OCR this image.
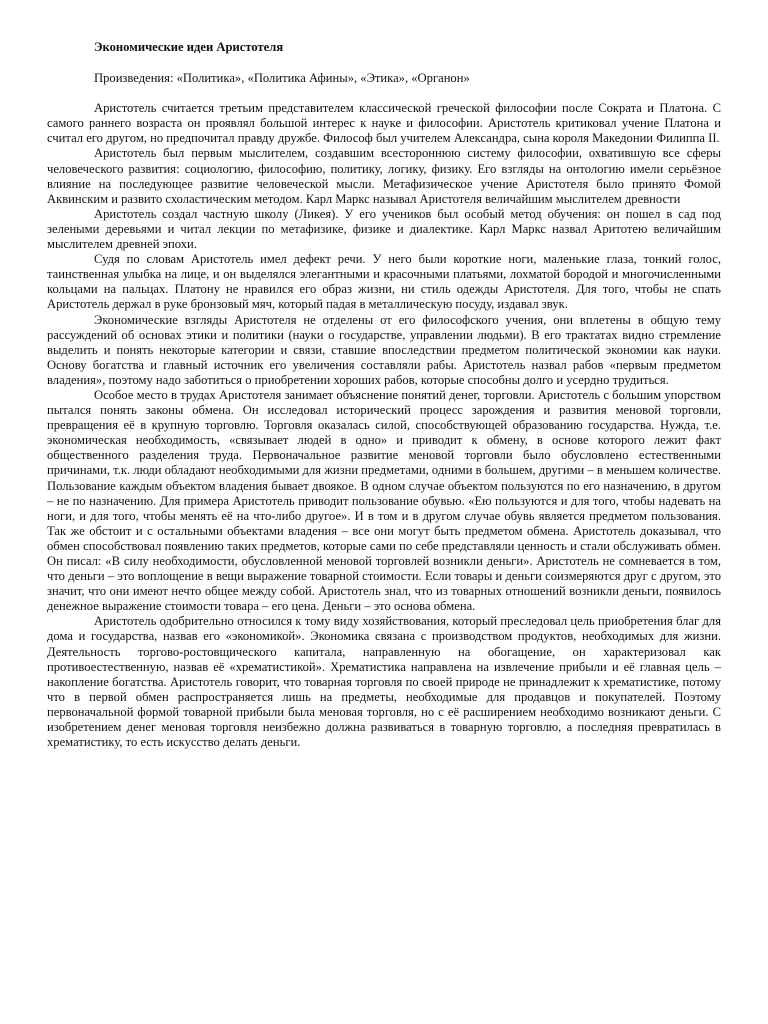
Экономические идеи Аристотеля
Произведения: «Политика», «Политика Афины», «Этика», «Органон»

Аристотель считается третьим представителем классической греческой философии после Сократа и Платона. С самого раннего возраста он проявлял большой интерес к науке и философии. Аристотель критиковал учение Платона и считал его другом, но предпочитал правду дружбе. Философ был учителем Александра, сына короля Македонии Филиппа II.

Аристотель был первым мыслителем, создавшим всестороннюю систему философии, охватившую все сферы человеческого развития: социологию, философию, политику, логику, физику. Его взгляды на онтологию имели серьёзное влияние на последующее развитие человеческой мысли. Метафизическое учение Аристотеля было принято Фомой Аквинским и развито схоластическим методом. Карл Маркс называл Аристотеля величайшим мыслителем древности

Аристотель создал частную школу (Ликея). У его учеников был особый метод обучения: он пошел в сад под зелеными деревьями и читал лекции по метафизике, физике и диалектике. Карл Маркс назвал Аритотею величайшим мыслителем древней эпохи.

Судя по словам Аристотель имел дефект речи. У него были короткие ноги, маленькие глаза, тонкий голос, таинственная улыбка на лице, и он выделялся элегантными и красочными платьями, лохматой бородой и многочисленными кольцами на пальцах. Платону не нравился его образ жизни, ни стиль одежды Аристотеля. Для того, чтобы не спать Аристотель держал в руке бронзовый мяч, который падая в металлическую посуду, издавал звук.

Экономические взгляды Аристотеля не отделены от его философского учения, они вплетены в общую тему рассуждений об основах этики и политики (науки о государстве, управлении людьми). В его трактатах видно стремление выделить и понять некоторые категории и связи, ставшие впоследствии предметом политической экономии как науки. Основу богатства и главный источник его увеличения составляли рабы. Аристотель назвал рабов «первым предметом владения», поэтому надо заботиться о приобретении хороших рабов, которые способны долго и усердно трудиться.

Особое место в трудах Аристотеля занимает объяснение понятий денег, торговли. Аристотель с большим упорством пытался понять законы обмена. Он исследовал исторический процесс зарождения и развития меновой торговли, превращения её в крупную торговлю. Торговля оказалась силой, способствующей образованию государства. Нужда, т.е. экономическая необходимость, «связывает людей в одно» и приводит к обмену, в основе которого лежит факт общественного разделения труда. Первоначальное развитие меновой торговли было обусловлено естественными причинами, т.к. люди обладают необходимыми для жизни предметами, одними в большем, другими – в меньшем количестве. Пользование каждым объектом владения бывает двоякое. В одном случае объектом пользуются по его назначению, в другом – не по назначению. Для примера Аристотель приводит пользование обувью. «Ею пользуются и для того, чтобы надевать на ноги, и для того, чтобы менять её на что-либо другое». И в том и в другом случае обувь является предметом пользования. Так же обстоит и с остальными объектами владения – все они могут быть предметом обмена. Аристотель доказывал, что обмен способствовал появлению таких предметов, которые сами по себе представляли ценность и стали обслуживать обмен. Он писал: «В силу необходимости, обусловленной меновой торговлей возникли деньги». Аристотель не сомневается в том, что деньги – это воплощение в вещи выражение товарной стоимости. Если товары и деньги соизмеряются друг с другом, это значит, что они имеют нечто общее между собой. Аристотель знал, что из товарных отношений возникли деньги, появилось денежное выражение стоимости товара – его цена. Деньги – это основа обмена.

Аристотель одобрительно относился к тому виду хозяйствования, который преследовал цель приобретения благ для дома и государства, назвав его «экономикой». Экономика связана с производством продуктов, необходимых для жизни. Деятельность торгово-ростовщического капитала, направленную на обогащение, он характеризовал как противоестественную, назвав её «хрематистикой». Хрематистика направлена на извлечение прибыли и её главная цель – накопление богатства. Аристотель говорит, что товарная торговля по своей природе не принадлежит к хрематистике, потому что в первой обмен распространяется лишь на предметы, необходимые для продавцов и покупателей. Поэтому первоначальной формой товарной прибыли была меновая торговля, но с её расширением необходимо возникают деньги. С изобретением денег меновая торговля неизбежно должна развиваться в товарную торговлю, а последняя превратилась в хрематистику, то есть искусство делать деньги.
